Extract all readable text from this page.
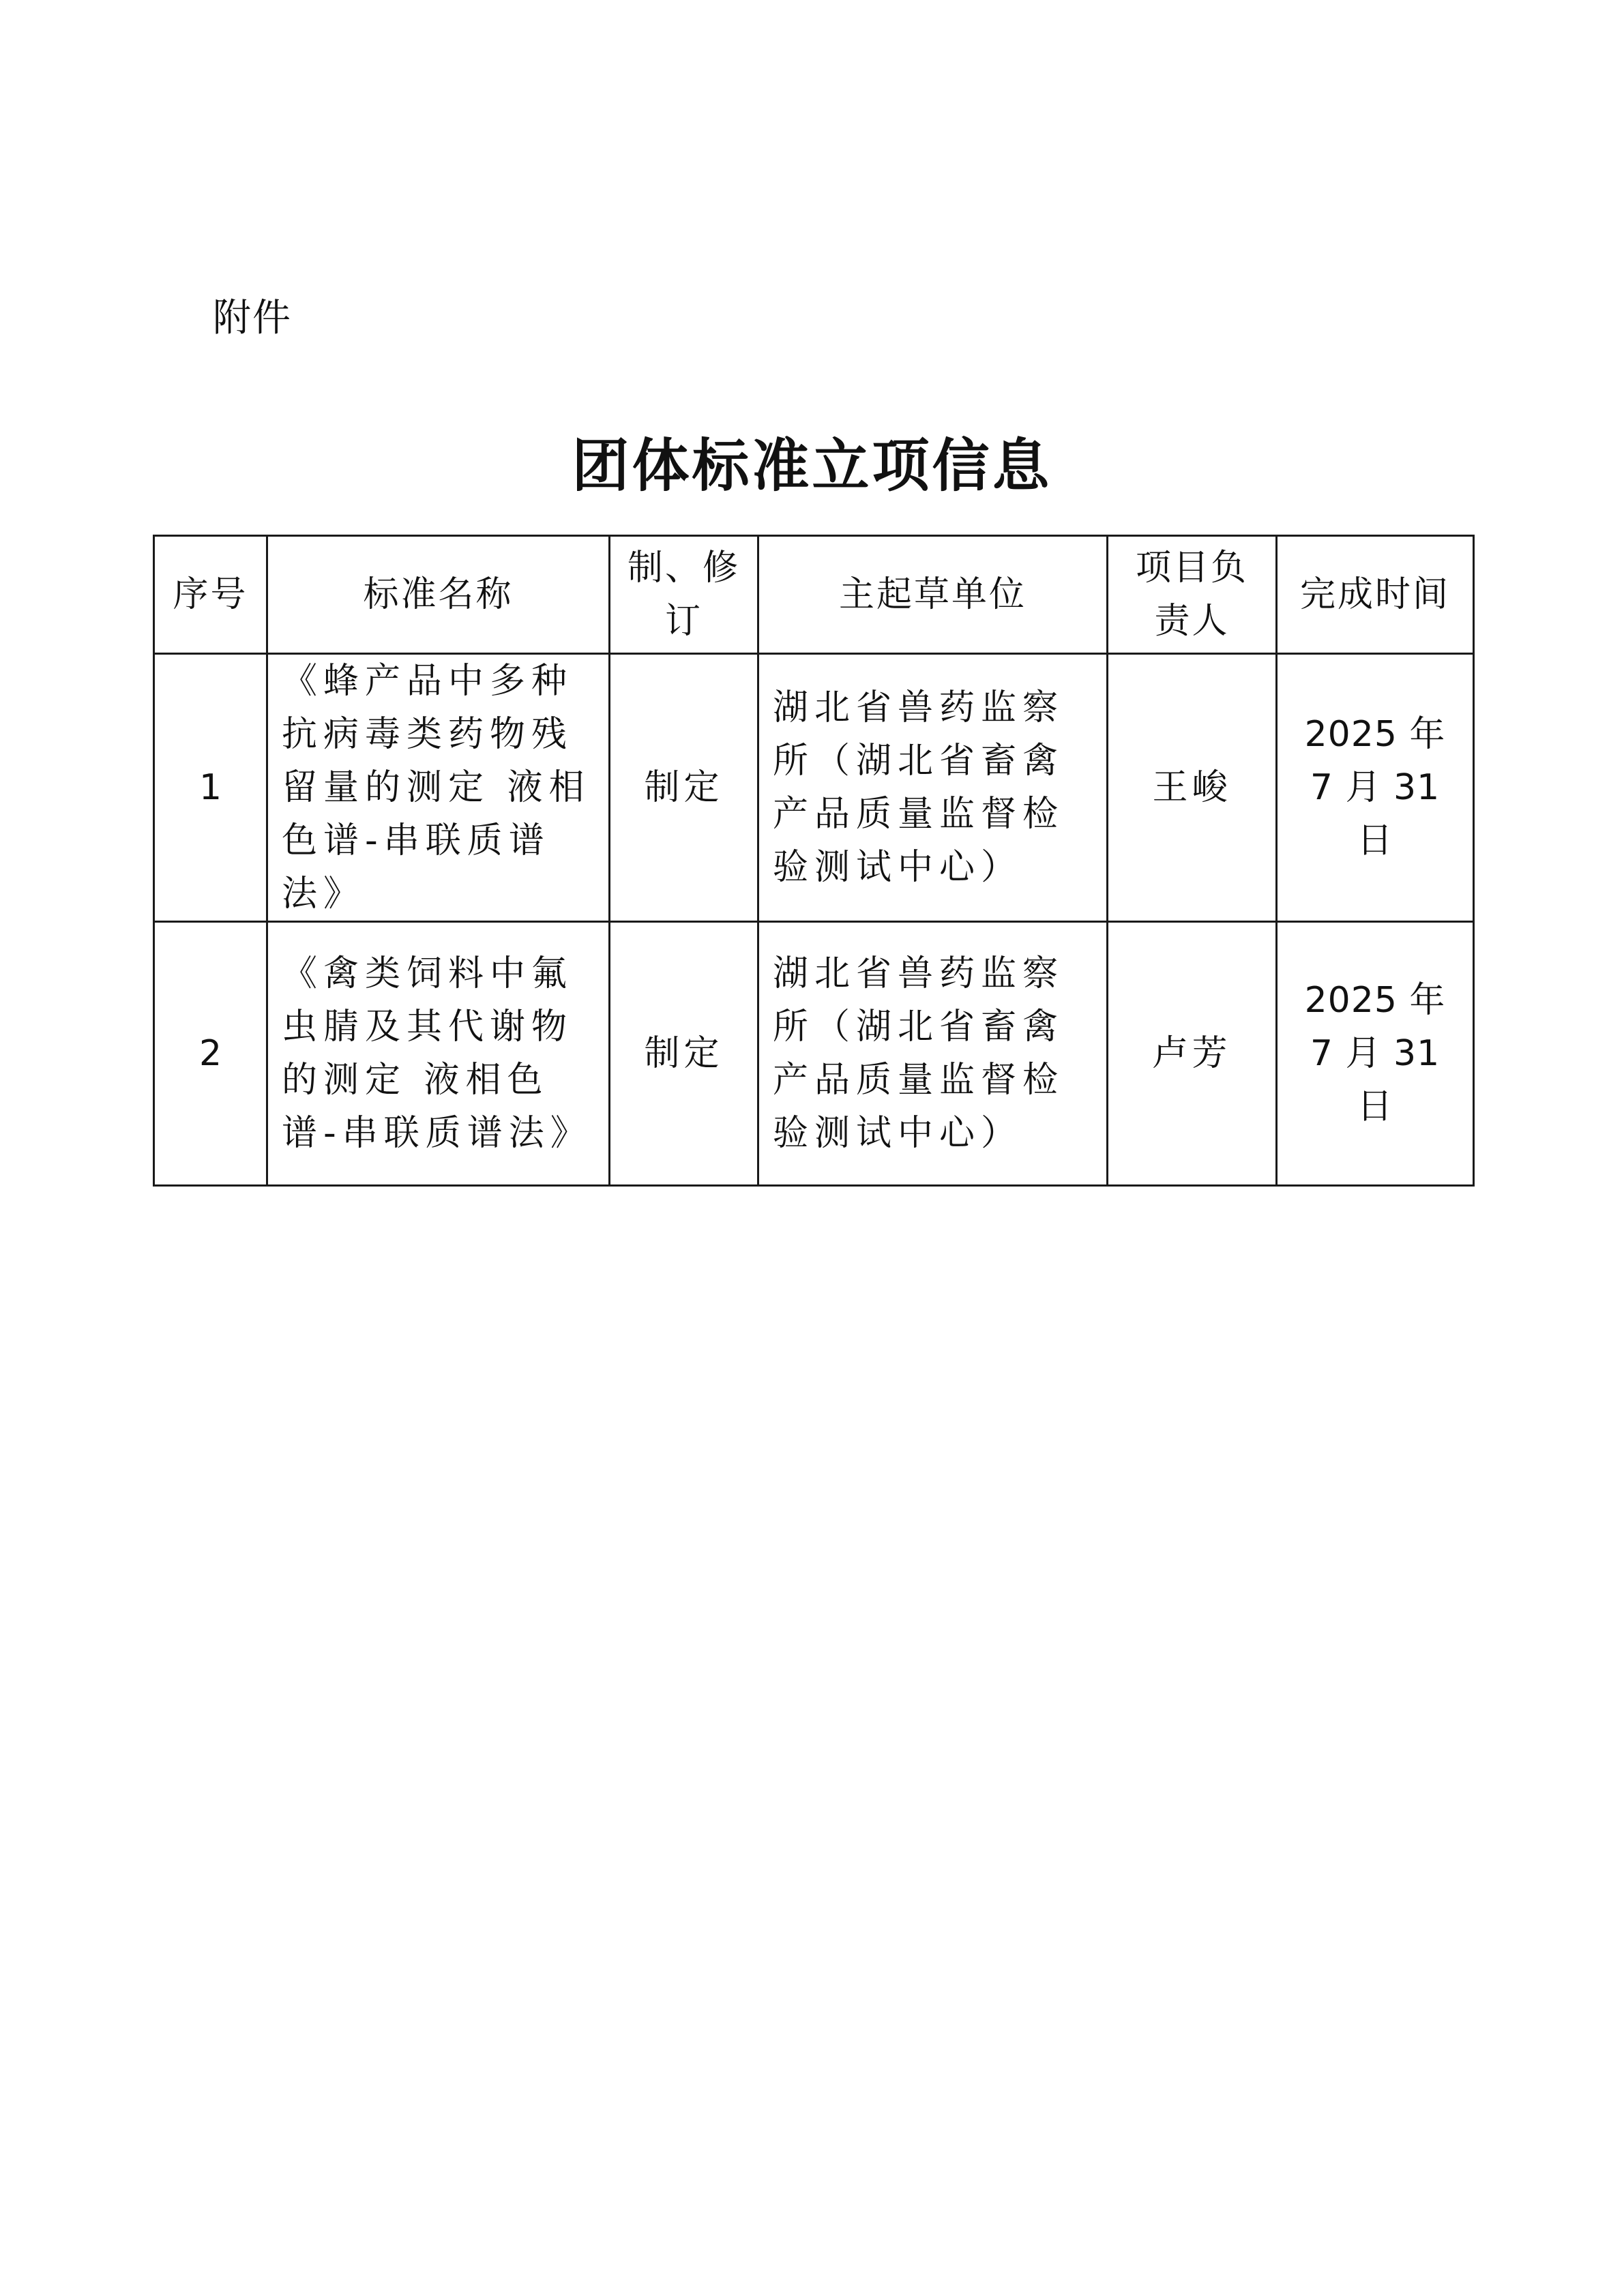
附件
团体标准立项信息
序号	标准名称	制、修订	主起草单位	项目负责人	完成时间
1	《蜂产品中多种抗病毒类药物残留量的测定 液相色谱-串联质谱法》	制定	湖北省兽药监察所（湖北省畜禽产品质量监督检验测试中心）	王峻	2025 年 7 月 31 日
2	《禽类饲料中氟虫腈及其代谢物的测定 液相色谱-串联质谱法》	制定	湖北省兽药监察所（湖北省畜禽产品质量监督检验测试中心）	卢芳	2025 年 7 月 31 日
